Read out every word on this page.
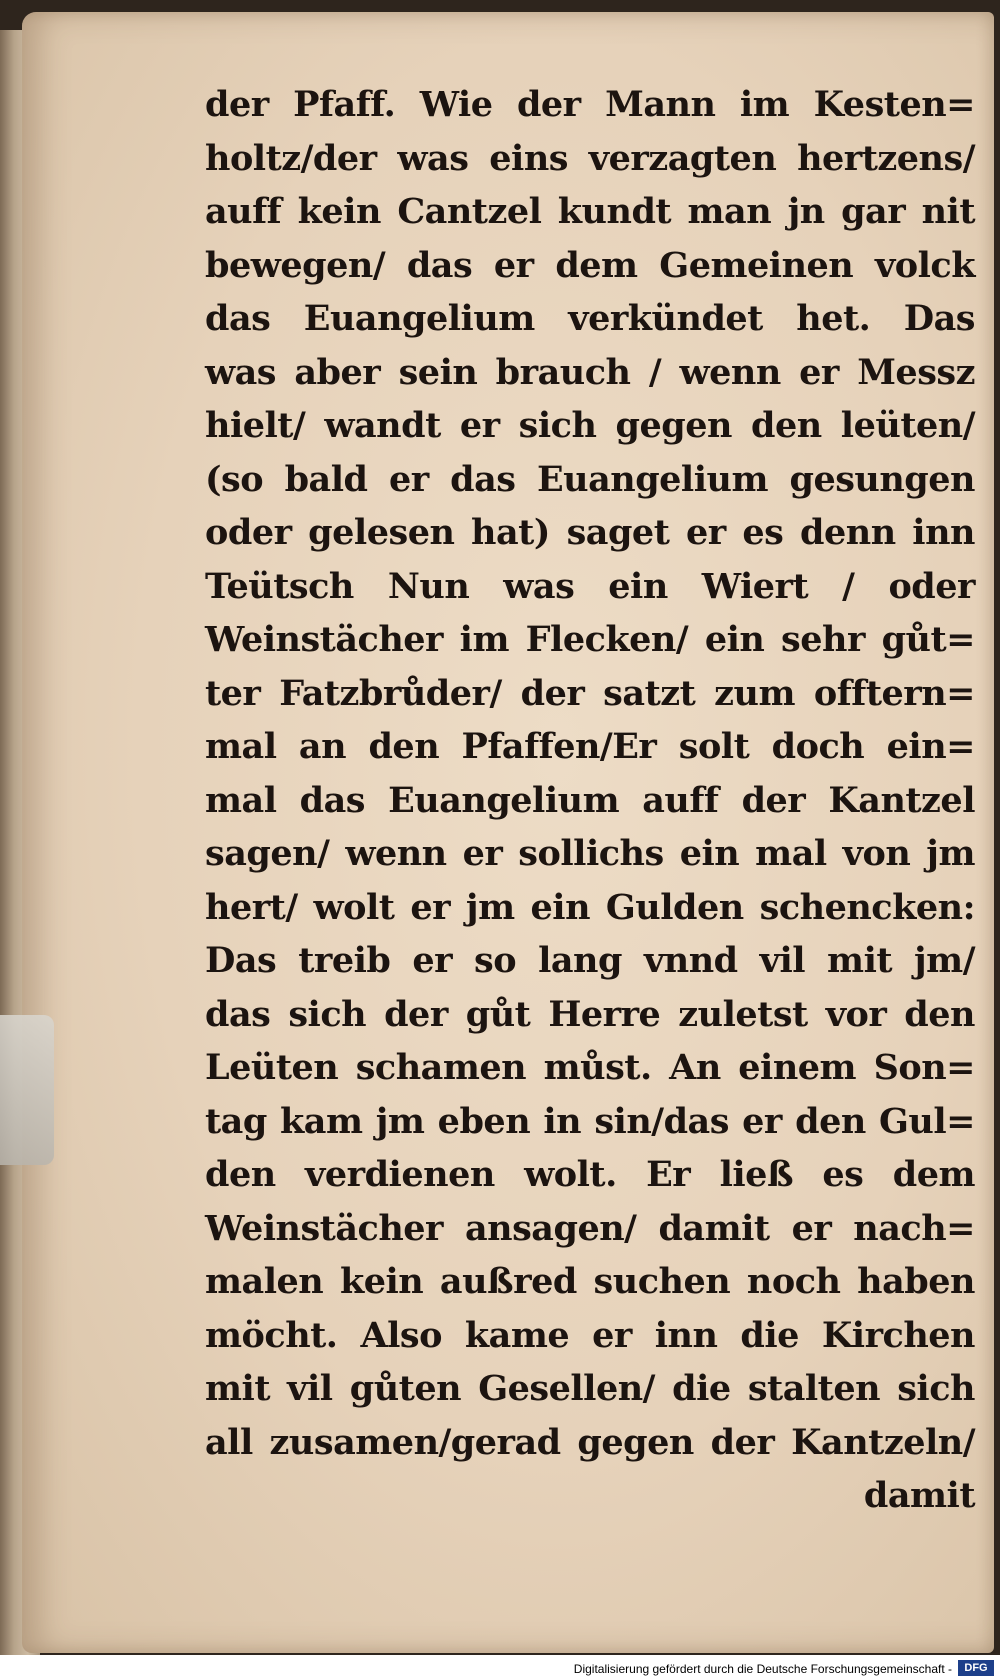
der Pfaff. Wie der Mann im Kesten=
holtz/der was eins verzagten hertzens/
auff kein Cantzel kundt man jn gar nit
bewegen/ das er dem Gemeinen volck
das Euangelium verkündet het. Das
was aber sein brauch / wenn er Messz
hielt/ wandt er sich gegen den leüten/
(so bald er das Euangelium gesungen
oder gelesen hat) saget er es denn inn
Teütsch Nun was ein Wiert / oder
Weinstächer im Flecken/ ein sehr gůt=
ter Fatzbrůder/ der satzt zum offtern=
mal an den Pfaffen/Er solt doch ein=
mal das Euangelium auff der Kantzel
sagen/ wenn er sollichs ein mal von jm
hert/ wolt er jm ein Gulden schencken:
Das treib er so lang vnnd vil mit jm/
das sich der gůt Herre zuletst vor den
Leüten schamen můst. An einem Son=
tag kam jm eben in sin/das er den Gul=
den verdienen wolt. Er ließ es dem
Weinstächer ansagen/ damit er nach=
malen kein außred suchen noch haben
möcht. Also kame er inn die Kirchen
mit vil gůten Gesellen/ die stalten sich
all zusamen/gerad gegen der Kantzeln/
damit
Digitalisierung gefördert durch die Deutsche Forschungsgemeinschaft -	DFG
